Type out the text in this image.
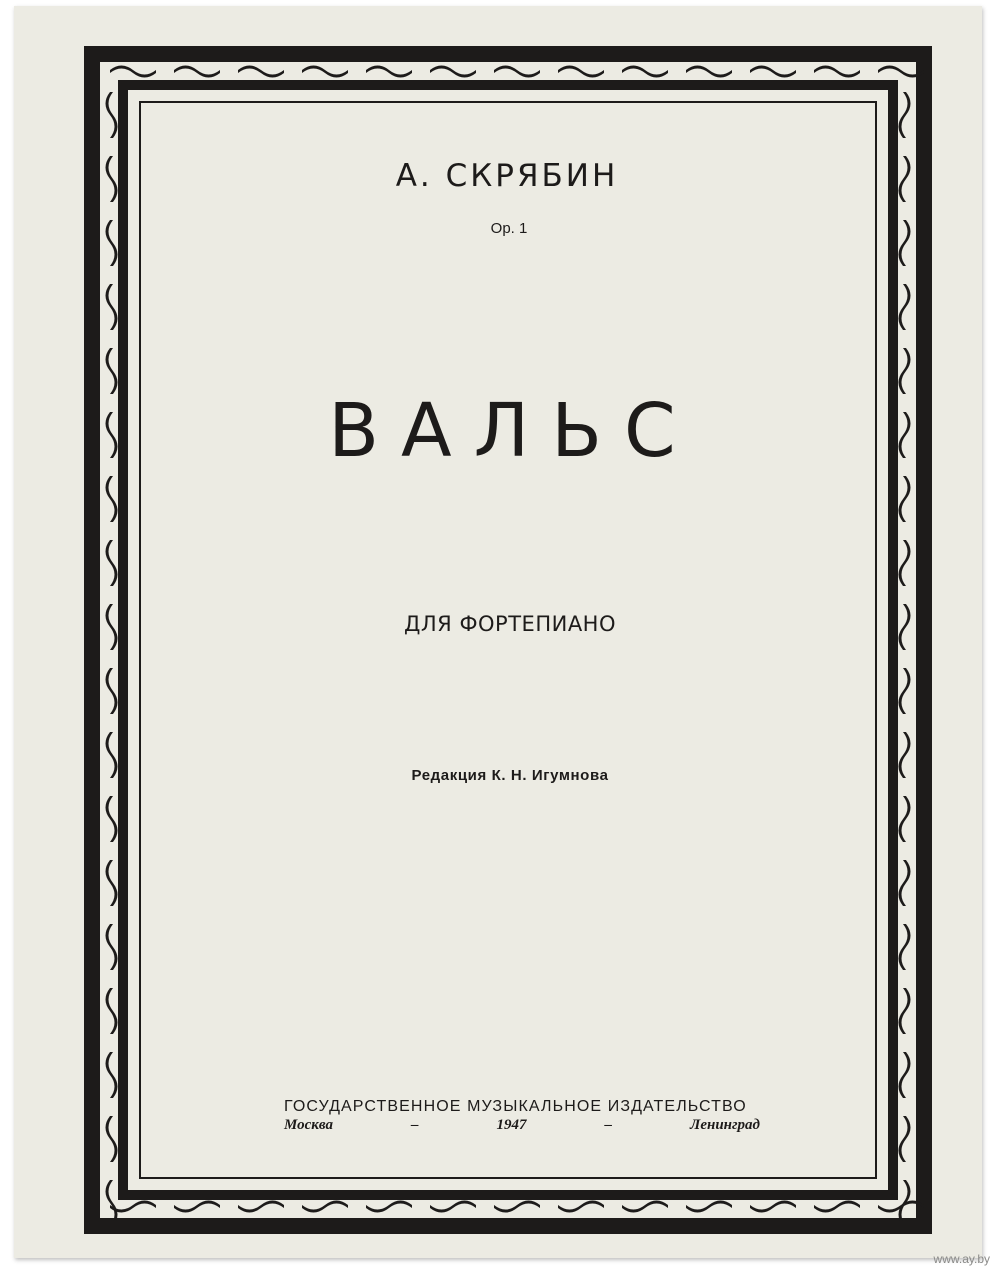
А. СКРЯБИН
Op. 1
ВАЛЬС
ДЛЯ ФОРТЕПИАНО
Редакция К. Н. Игумнова
ГОСУДАРСТВЕННОЕ МУЗЫКАЛЬНОЕ ИЗДАТЕЛЬСТВО
Москва	–	1947	–	Ленинград
www.ay.by
